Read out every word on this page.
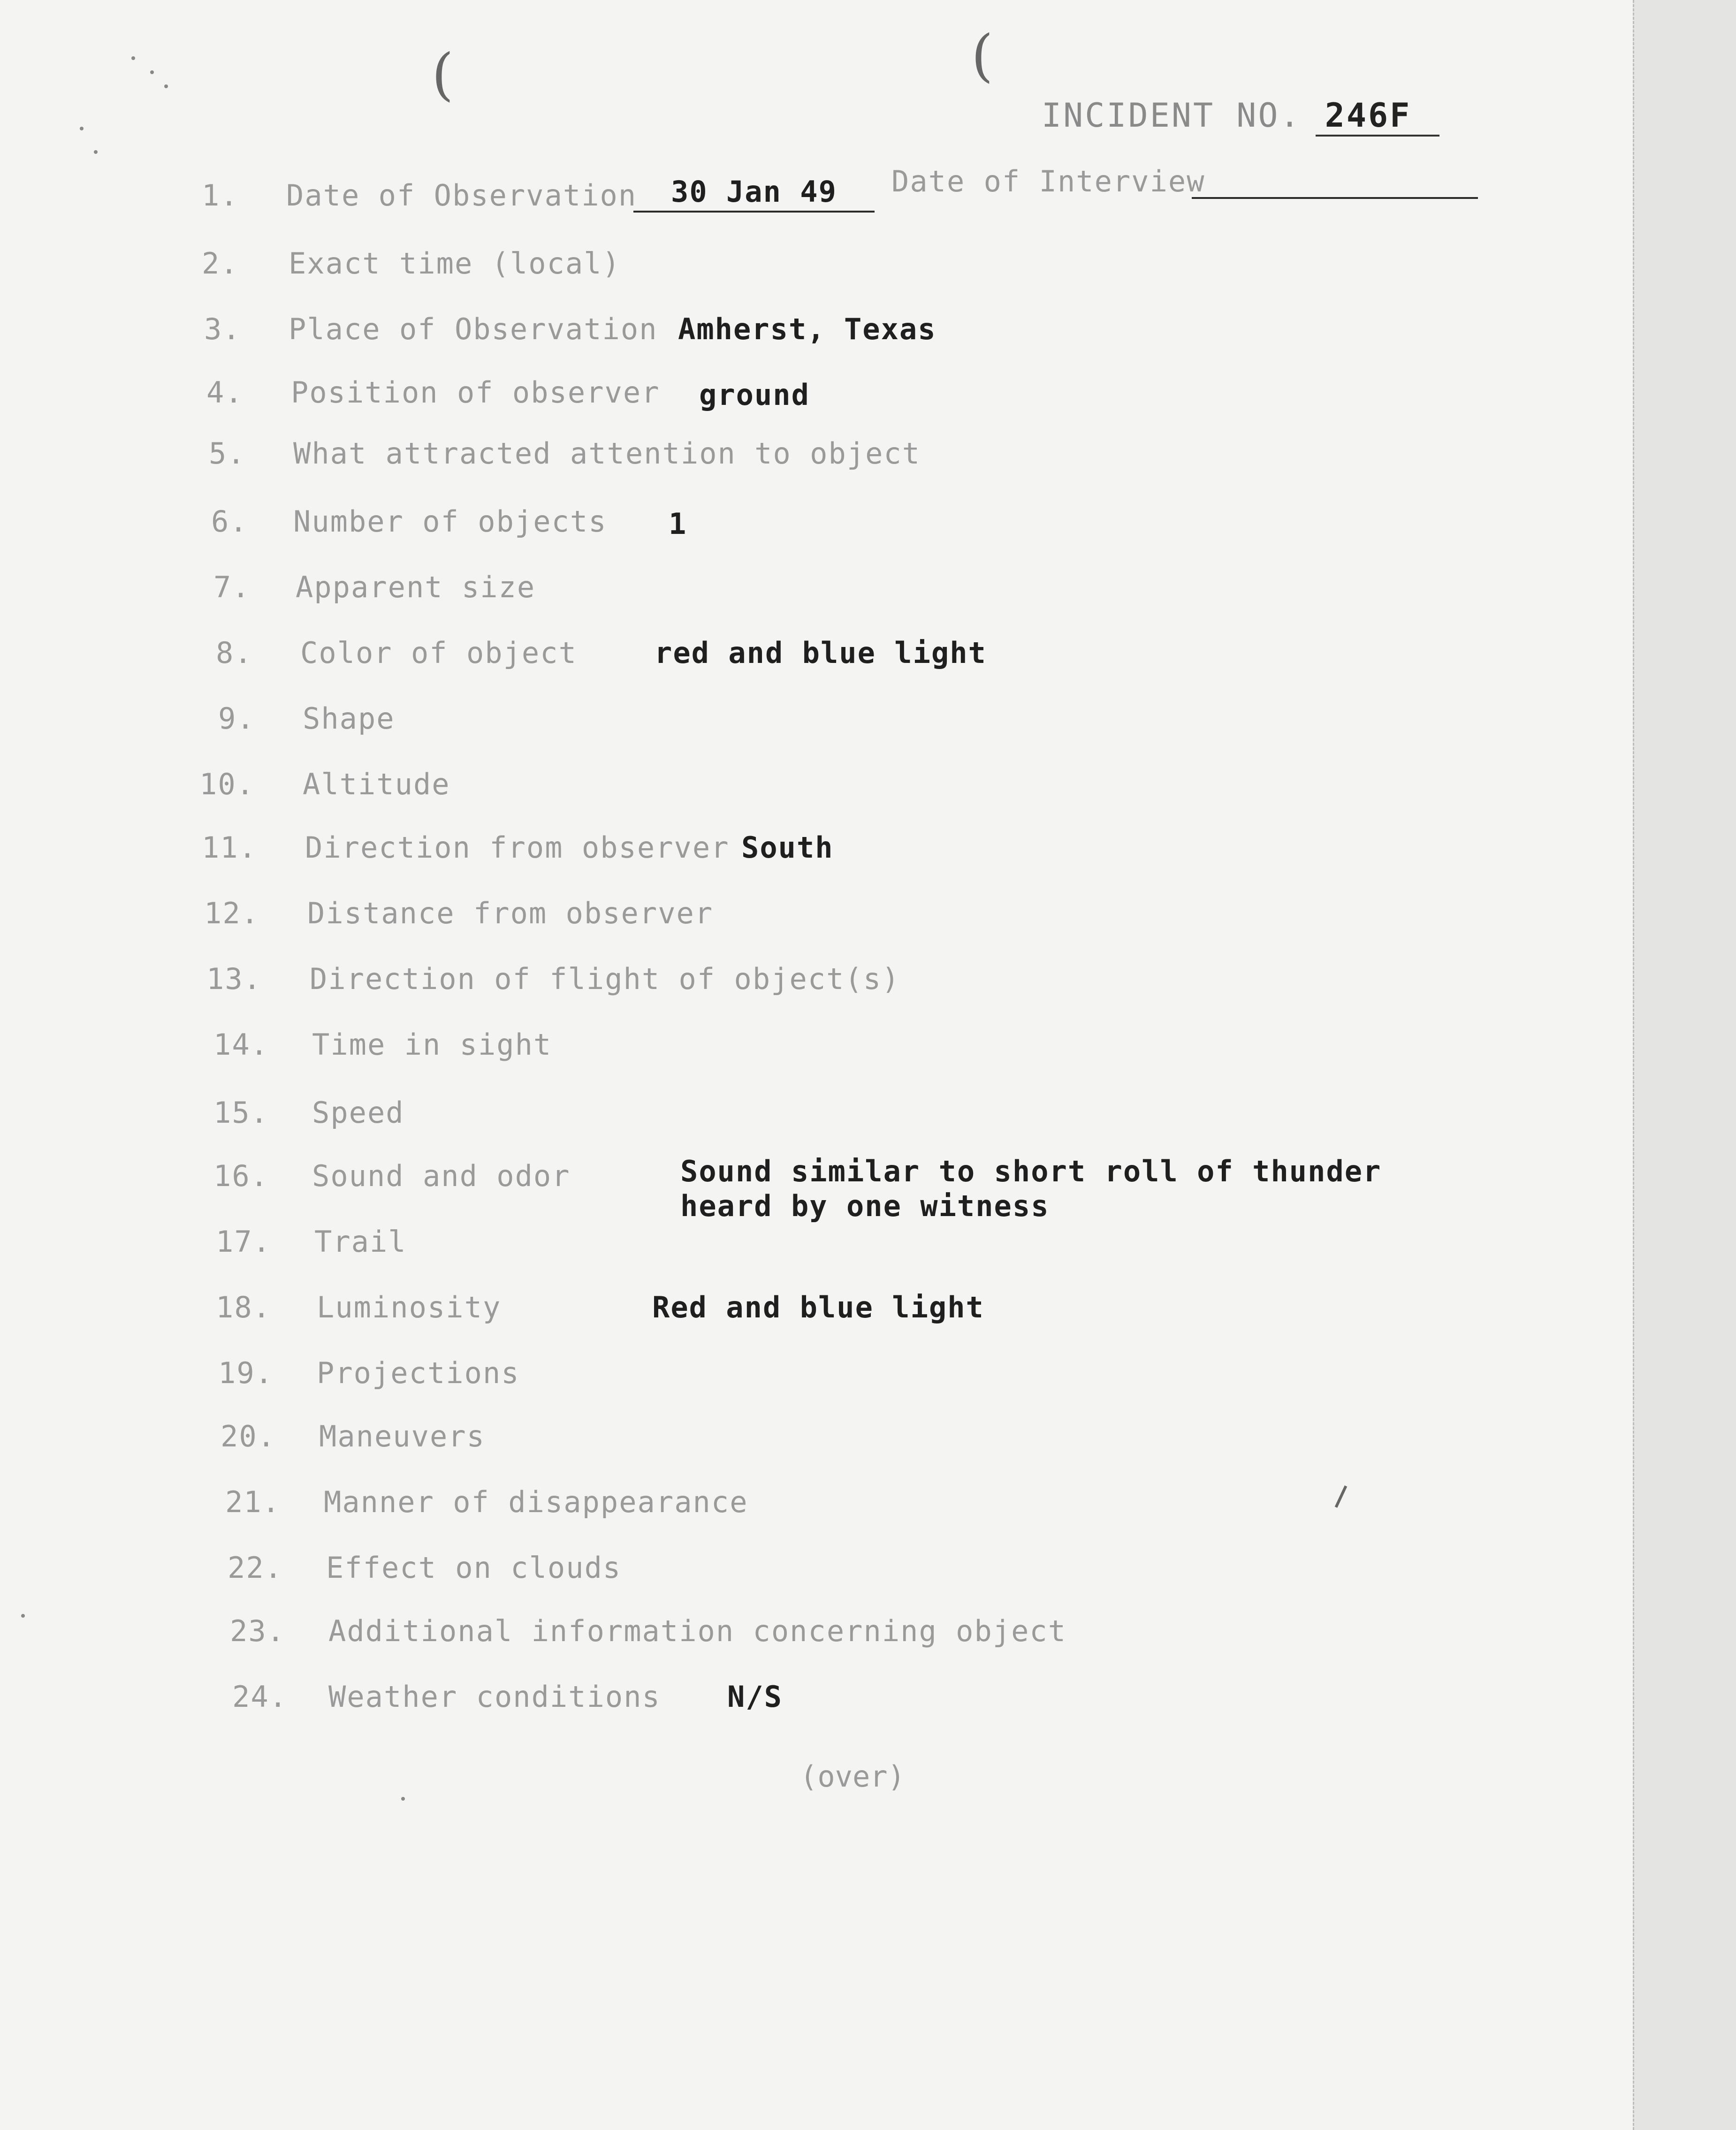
(	(
INCIDENT NO. 246F
1. Date of Observation	30 Jan 49	Date of Interview
2. Exact time (local)
3. Place of Observation Amherst, Texas
4. Position of observer ground
5. What attracted attention to object
6. Number of objects 1
7. Apparent size
8. Color of object	red and blue light
9. Shape
10. Altitude
11. Direction from observer South
12. Distance from observer
13. Direction of flight of object(s)
14. Time in sight
15. Speed
16. Sound and odor	Sound similar to short roll of thunder
heard by one witness
17. Trail
18. Luminosity	Red and blue light
19. Projections
20. Maneuvers
21. Manner of disappearance
22. Effect on clouds
23. Additional information concerning object
24. Weather conditions N/S
(over)
